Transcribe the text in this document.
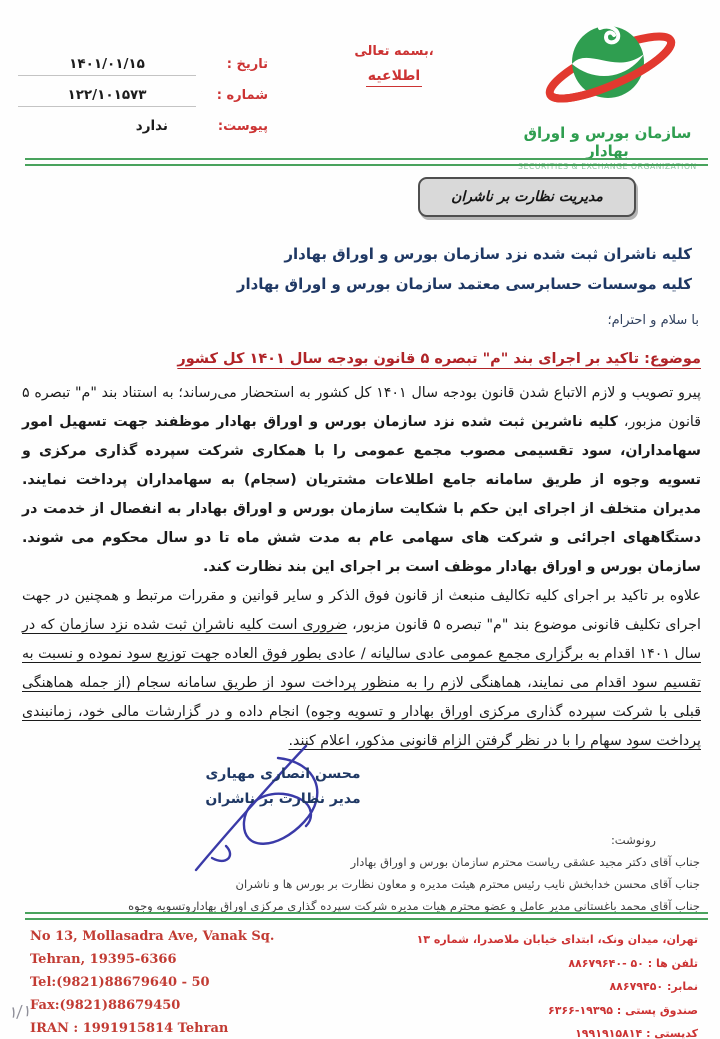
تاریخ :
۱۴۰۱/۰۱/۱۵
شماره :
۱۲۲/۱۰۱۵۷۳
پیوست:
ندارد
بسمه تعالی،
اطلاعیه
سازمان بورس و اوراق بهادار
SECURITIES & EXCHANGE ORGANIZATION
مدیریت نظارت بر ناشران
کلیه ناشران ثبت شده نزد سازمان بورس و اوراق بهادار
کلیه موسسات حسابرسی معتمد سازمان بورس و اوراق بهادار
با سلام و احترام؛
موضوع: تاکید بر اجرای بند "م" تبصره ۵ قانون بودجه سال ۱۴۰۱ کل کشور

پیرو تصویب و لازم الاتباع شدن قانون بودجه سال ۱۴۰۱ کل کشور به استحضار می‌رساند؛ به استناد بند "م" تبصره ۵ قانون مزبور، کلیه ناشرین ثبت شده نزد سازمان بورس و اوراق بهادار موظفند جهت تسهیل امور سهامداران، سود تقسیمی مصوب مجمع عمومی را با همکاری شرکت سپرده گذاری مرکزی و تسویه وجوه از طریق سامانه جامع اطلاعات مشتریان (سجام) به سهامداران پرداخت نمایند. مدیران متخلف از اجرای این حکم با شکایت سازمان بورس و اوراق بهادار به انفصال از خدمت در دستگاههای اجرائی و شرکت های سهامی عام به مدت شش ماه تا دو سال محکوم می شوند. سازمان بورس و اوراق بهادار موظف است بر اجرای این بند نظارت کند.

علاوه بر تاکید بر اجرای کلیه تکالیف منبعث از قانون فوق الذکر و سایر قوانین و مقررات مرتبط و همچنین در جهت اجرای تکلیف قانونی موضوع بند "م" تبصره ۵ قانون مزبور، ضروری است کلیه ناشران ثبت شده نزد سازمان که در سال ۱۴۰۱ اقدام به برگزاری مجمع عمومی عادی سالیانه / عادی بطور فوق العاده جهت توزیع سود نموده و نسبت به تقسیم سود اقدام می نمایند، هماهنگی لازم را به منظور پرداخت سود از طریق سامانه سجام (از جمله هماهنگی قبلی با شرکت سپرده گذاری مرکزی اوراق بهادار و تسویه وجوه) انجام داده و در گزارشات مالی خود، زمانبندی پرداخت سود سهام را با در نظر گرفتن الزام قانونی مذکور، اعلام کنند.

محسن انصاری مهیاری
مدیر نظارت بر ناشران
رونوشت:
جناب آقای دکتر مجید عشقی ریاست محترم سازمان بورس و اوراق بهادار
جناب آقای محسن خدابخش نایب رئیس محترم هیئت مدیره و معاون نظارت بر بورس ها و ناشران
جناب آقای محمد باغستانی مدیر عامل و عضو محترم هیات مدیره شرکت سپرده گذاری مرکزی اوراق بهاداروتسویه وجوه
تهران، میدان ونک، ابتدای خیابان ملاصدرا، شماره ۱۳
تلفن ها : ۵۰ -۸۸۶۷۹۶۴۰
نمابر: ۸۸۶۷۹۴۵۰
صندوق پستی : ۱۹۳۹۵-۶۳۶۶
کدپستی : ۱۹۹۱۹۱۵۸۱۴
No 13, Mollasadra Ave, Vanak Sq.
Tehran, 19395-6366
Tel:(9821)88679640 - 50
Fax:(9821)88679450
IRAN : 1991915814 Tehran
۱/۱
